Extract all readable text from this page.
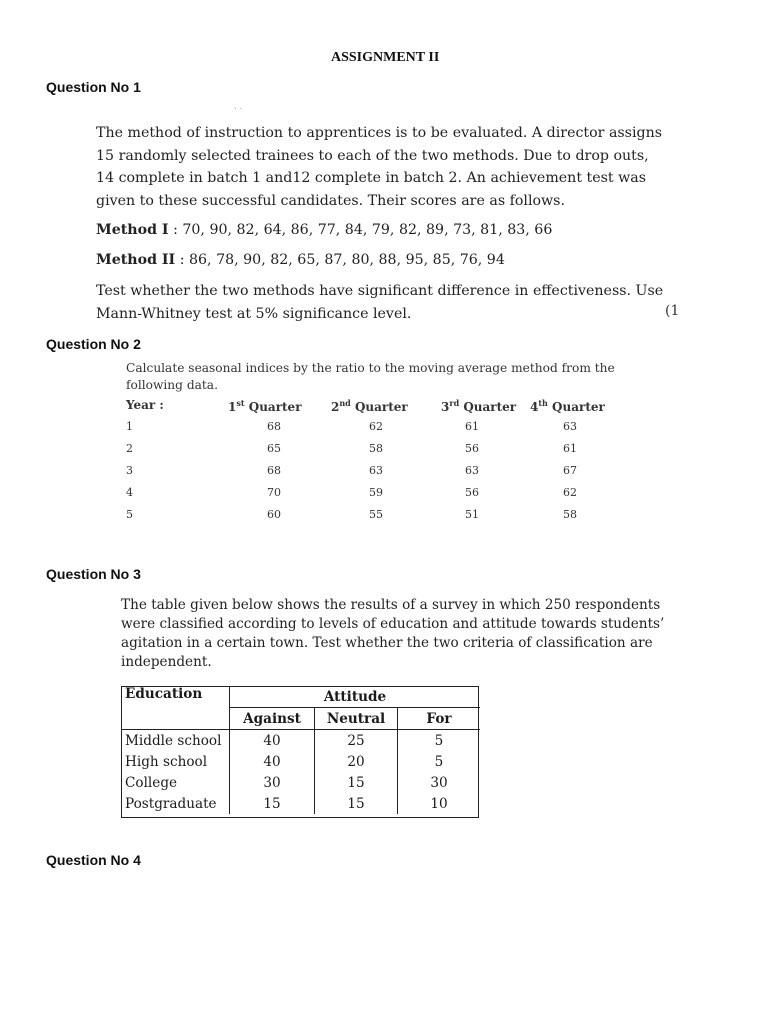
ASSIGNMENT II
Question No 1
ˏ ˎ

The method of instruction to apprentices is to be evaluated. A director assigns

15 randomly selected trainees to each of the two methods. Due to drop outs,

14 complete in batch 1 and12 complete in batch 2. An achievement test was

given to these successful candidates. Their scores are as follows.

Method I : 70, 90, 82, 64, 86, 77, 84, 79, 82, 89, 73, 81, 83, 66
Method II : 86, 78, 90, 82, 65, 87, 80, 88, 95, 85, 76, 94

Test whether the two methods have significant difference in effectiveness. Use

Mann-Whitney test at 5% significance level.	(1
Question No 2

Calculate seasonal indices by the ratio to the moving average method from the

following data.

Year :	1st Quarter 2nd Quarter	3rd Quarter 4th Quarter
1	68	62	61	63
2	65	58	56	61
3	68	63	63	67
4	70	59	56	62
5	60	55	51	58
Question No 3

The table given below shows the results of a survey in which 250 respondents

were classified according to levels of education and attitude towards students’

agitation in a certain town. Test whether the two criteria of classification are

independent.

Education	Attitude		
	Against	Neutral	For
Middle school	40	25	5
High school	40	20	5
College	30	15	30
Postgraduate	15	15	10
Question No 4
